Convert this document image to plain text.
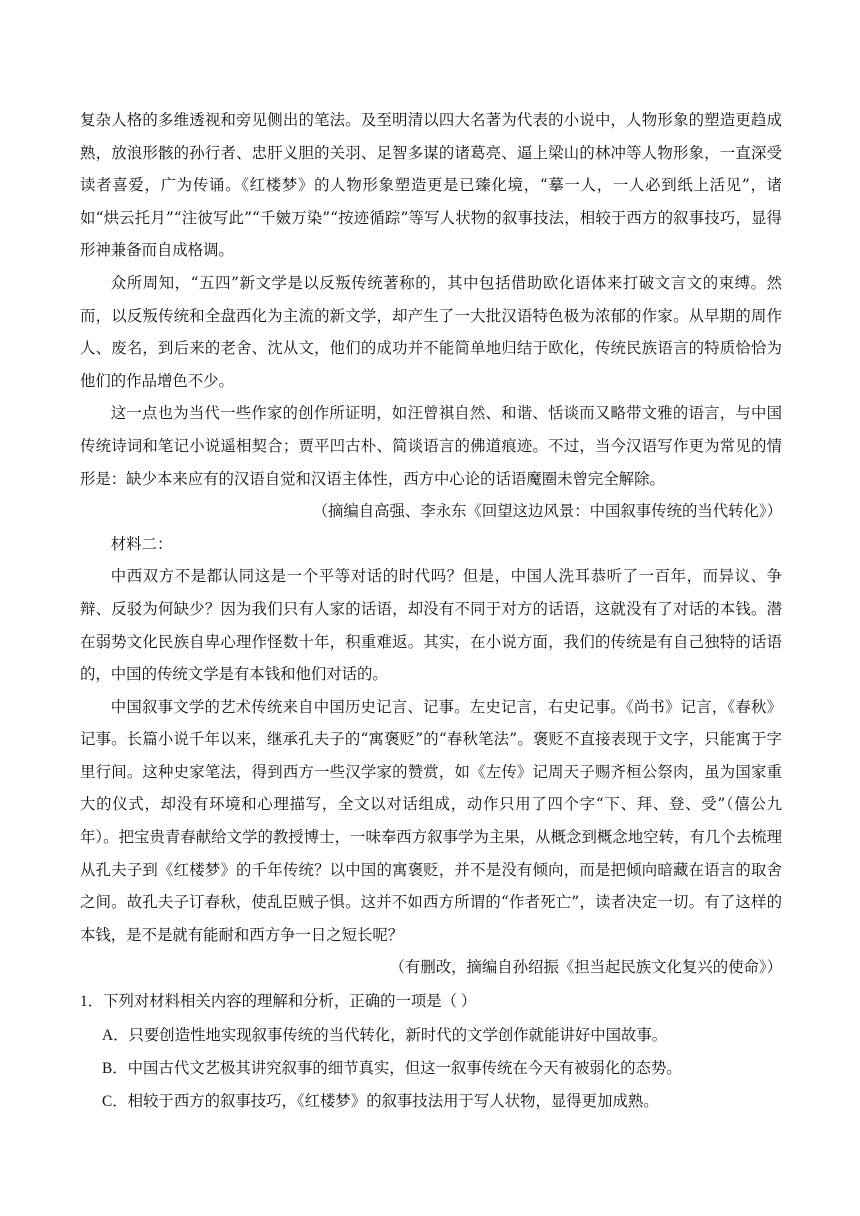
复杂人格的多维透视和旁见侧出的笔法。及至明清以四大名著为代表的小说中，人物形象的塑造更趋成熟，放浪形骸的孙行者、忠肝义胆的关羽、足智多谋的诸葛亮、逼上梁山的林冲等人物形象，一直深受读者喜爱，广为传诵。《红楼梦》的人物形象塑造更是已臻化境，“摹一人，一人必到纸上活见”，诸如“烘云托月”“注彼写此”“千皴万染”“按迹循踪”等写人状物的叙事技法，相较于西方的叙事技巧，显得形神兼备而自成格调。

众所周知，“五四”新文学是以反叛传统著称的，其中包括借助欧化语体来打破文言文的束缚。然而，以反叛传统和全盘西化为主流的新文学，却产生了一大批汉语特色极为浓郁的作家。从早期的周作人、废名，到后来的老舍、沈从文，他们的成功并不能简单地归结于欧化，传统民族语言的特质恰恰为他们的作品增色不少。

这一点也为当代一些作家的创作所证明，如汪曾祺自然、和谐、恬谈而又略带文雅的语言，与中国传统诗词和笔记小说遥相契合；贾平凹古朴、简谈语言的佛道痕迹。不过，当今汉语写作更为常见的情形是：缺少本来应有的汉语自觉和汉语主体性，西方中心论的话语魔圈未曾完全解除。

（摘编自高强、李永东《回望这边风景：中国叙事传统的当代转化》）

材料二：

中西双方不是都认同这是一个平等对话的时代吗？但是，中国人洗耳恭听了一百年，而异议、争辩、反驳为何缺少？因为我们只有人家的话语，却没有不同于对方的话语，这就没有了对话的本钱。潜在弱势文化民族自卑心理作怪数十年，积重难返。其实，在小说方面，我们的传统是有自己独特的话语的，中国的传统文学是有本钱和他们对话的。

中国叙事文学的艺术传统来自中国历史记言、记事。左史记言，右史记事。《尚书》记言，《春秋》记事。长篇小说千年以来，继承孔夫子的“寓褒贬”的“春秋笔法”。褒贬不直接表现于文字，只能寓于字里行间。这种史家笔法，得到西方一些汉学家的赞赏，如《左传》记周天子赐齐桓公祭肉，虽为国家重大的仪式，却没有环境和心理描写，全文以对话组成，动作只用了四个字“下、拜、登、受”（僖公九年）。把宝贵青春献给文学的教授博士，一味奉西方叙事学为主果，从概念到概念地空转，有几个去梳理从孔夫子到《红楼梦》的千年传统？以中国的寓褒贬，并不是没有倾向，而是把倾向暗藏在语言的取舍之间。故孔夫子订春秋，使乱臣贼子惧。这并不如西方所谓的“作者死亡”，读者决定一切。有了这样的本钱，是不是就有能耐和西方争一日之短长呢？

（有删改，摘编自孙绍振《担当起民族文化复兴的使命》）

1．下列对材料相关内容的理解和分析，正确的一项是（ ）

A．只要创造性地实现叙事传统的当代转化，新时代的文学创作就能讲好中国故事。

B．中国古代文艺极其讲究叙事的细节真实，但这一叙事传统在今天有被弱化的态势。

C．相较于西方的叙事技巧，《红楼梦》的叙事技法用于写人状物，显得更加成熟。
